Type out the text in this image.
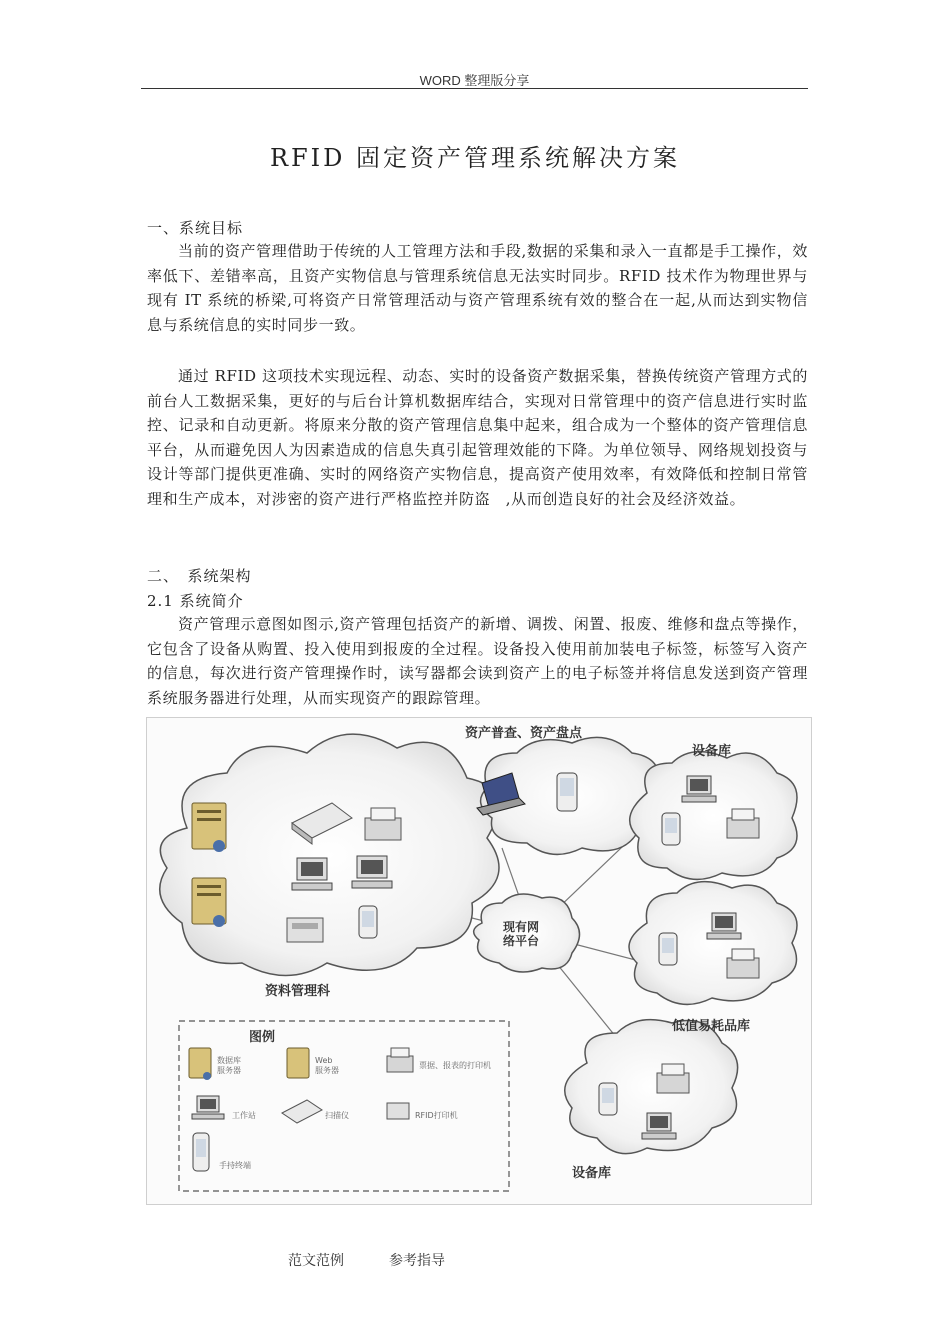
WORD 整理版分享
RFID 固定资产管理系统解决方案
一、系统目标
当前的资产管理借助于传统的人工管理方法和手段,数据的采集和录入一直都是手工操作，效率低下、差错率高，且资产实物信息与管理系统信息无法实时同步。RFID 技术作为物理世界与现有 IT 系统的桥梁,可将资产日常管理活动与资产管理系统有效的整合在一起,从而达到实物信息与系统信息的实时同步一致。
通过 RFID 这项技术实现远程、动态、实时的设备资产数据采集，替换传统资产管理方式的前台人工数据采集，更好的与后台计算机数据库结合，实现对日常管理中的资产信息进行实时监控、记录和自动更新。将原来分散的资产管理信息集中起来，组合成为一个整体的资产管理信息平台，从而避免因人为因素造成的信息失真引起管理效能的下降。为单位领导、网络规划投资与设计等部门提供更准确、实时的网络资产实物信息，提高资产使用效率，有效降低和控制日常管理和生产成本，对涉密的资产进行严格监控并防盗　,从而创造良好的社会及经济效益。
二、　系统架构
2.1 系统简介
资产管理示意图如图示,资产管理包括资产的新增、调拨、闲置、报废、维修和盘点等操作，它包含了设备从购置、投入使用到报废的全过程。设备投入使用前加装电子标签，标签写入资产的信息，每次进行资产管理操作时，读写器都会读到资产上的电子标签并将信息发送到资产管理系统服务器进行处理，从而实现资产的跟踪管理。
资产普查、资产盘点
设备库
现有网
络平台
资料管理科
低值易耗品库
设备库
图例
数据库
服务器
Web
服务器
票据、报表的打印机
工作站	扫描仪	RFID打印机
手持终端
范文范例	参考指导
